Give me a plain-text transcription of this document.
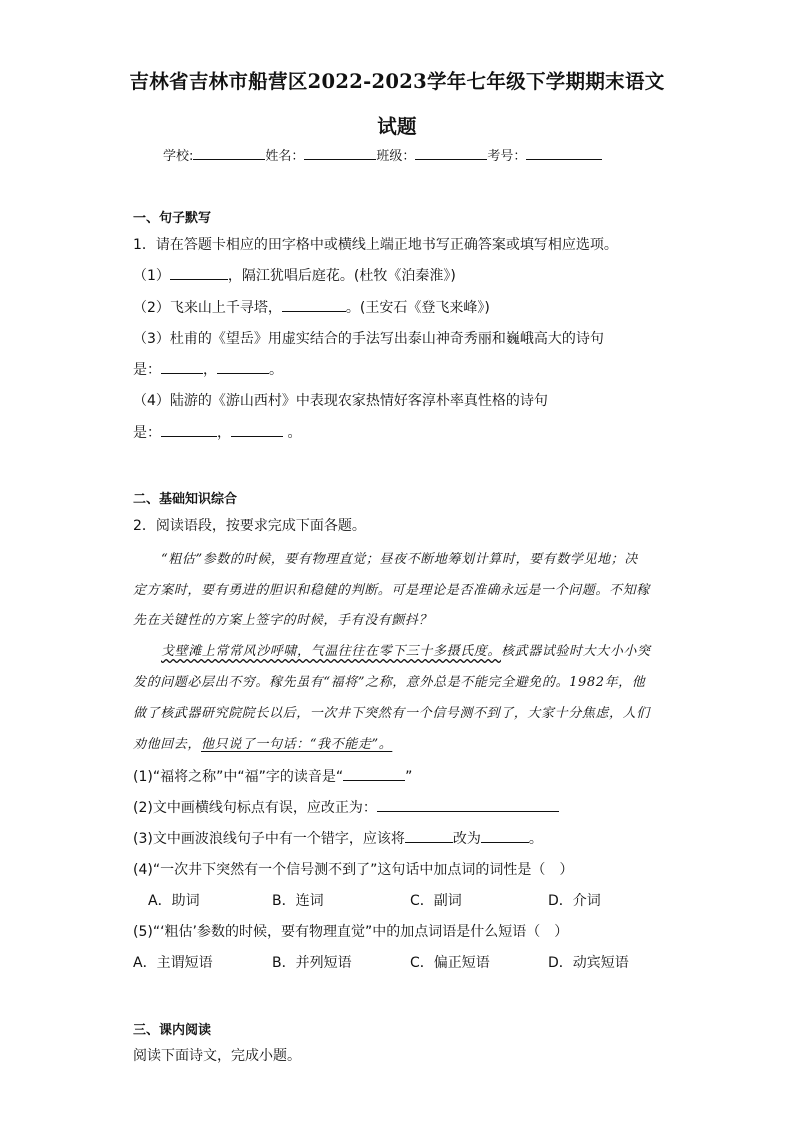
吉林省吉林市船营区2022-2023学年七年级下学期期末语文
试题
学校:	姓名：	班级：	考号：
一、句子默写
1．请在答题卡相应的田字格中或横线上端正地书写正确答案或填写相应选项。
（1）	，隔江犹唱后庭花。(杜牧《泊秦淮》)
（2）飞来山上千寻塔，	。(王安石《登飞来峰》)
（3）杜甫的《望岳》用虚实结合的手法写出泰山神奇秀丽和巍峨高大的诗句
是：	，	。
（4）陆游的《游山西村》中表现农家热情好客淳朴率真性格的诗句
是：	，	。
二、基础知识综合
2．阅读语段，按要求完成下面各题。
“粗估”参数的时候，要有物理直觉；昼夜不断地筹划计算时，要有数学见地；决
定方案时，要有勇进的胆识和稳健的判断。可是理论是否准确永远是一个问题。不知稼
先在关键性的方案上签字的时候，手有没有颤抖？
戈壁滩上常常风沙呼啸，气温往往在零下三十多摄氏度。核武器试验时大大小小突
发的问题必层出不穷。稼先虽有“福将”之称，意外总是不能完全避免的。1982年，他
做了核武器研究院院长以后，一次井下突然有一个信号测不到了，大家十分焦虑，人们
劝他回去，他只说了一句话：“我不能走”。
(1)“福将之称”中“福”字的读音是“	”
(2)文中画横线句标点有误，应改正为：
(3)文中画波浪线句子中有一个错字，应该将	改为	。
(4)“一次井下突然有一个信号测不到了”这句话中加点词的词性是（　）
A．助词	B．连词	C．副词	D．介词
(5)“‘粗估’参数的时候，要有物理直觉”中的加点词语是什么短语（　）
A．主谓短语	B．并列短语	C．偏正短语	D．动宾短语
三、课内阅读
阅读下面诗文，完成小题。
